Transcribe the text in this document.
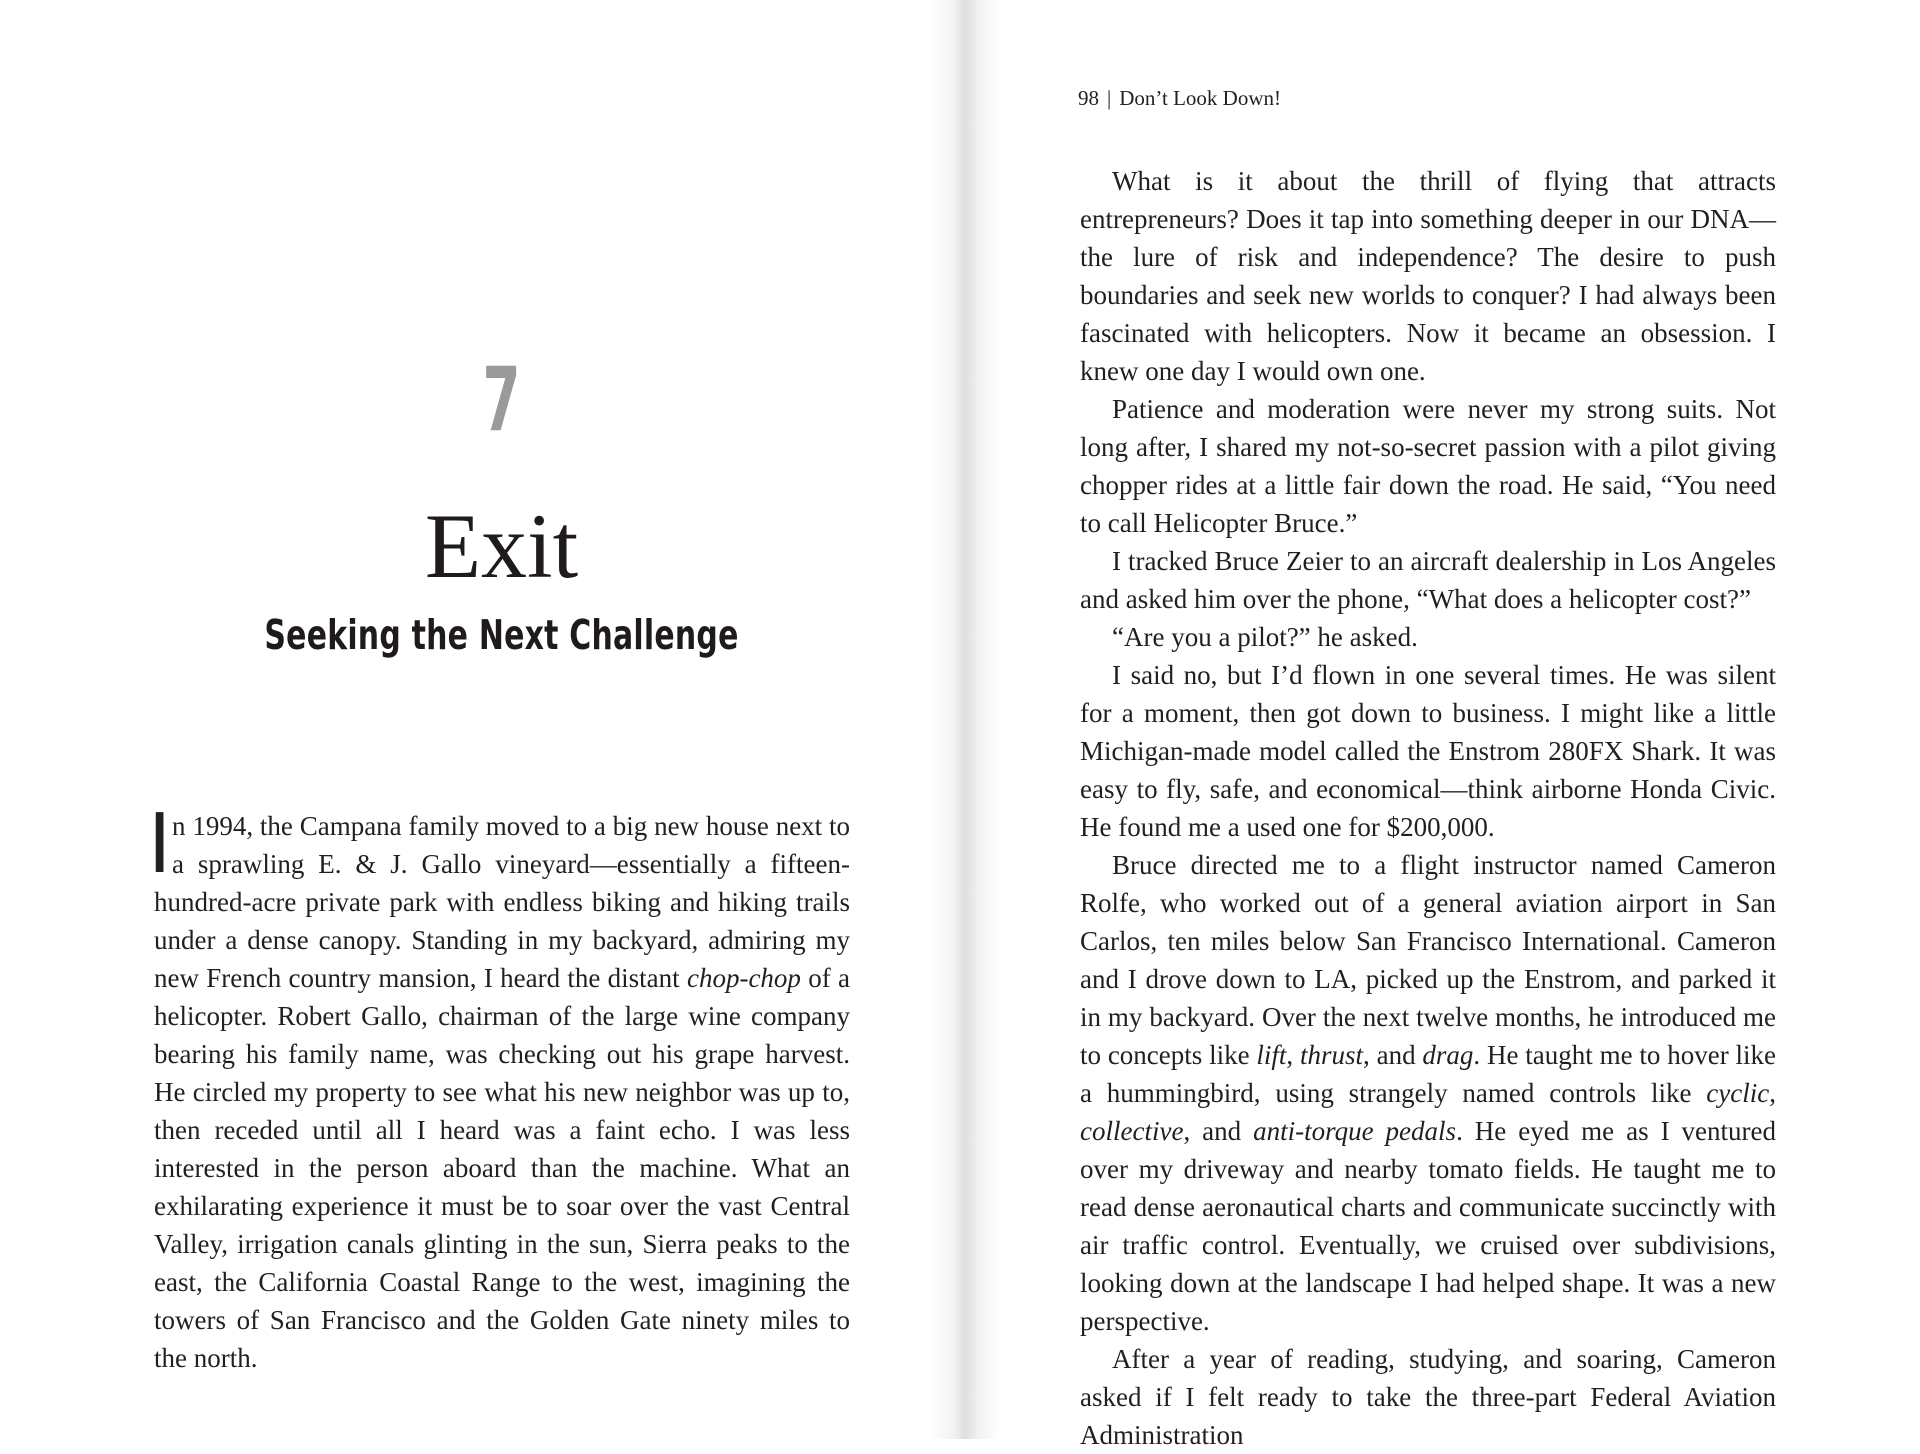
7
Exit
Seeking the Next Challenge

In 1994, the Campana family moved to a big new house next to a sprawling E. & J. Gallo vineyard—essentially a fifteen-hundred-acre private park with endless biking and hiking trails under a dense canopy. Standing in my backyard, admiring my new French country mansion, I heard the distant chop-chop of a helicopter. Robert Gallo, chairman of the large wine company bearing his family name, was checking out his grape harvest. He circled my property to see what his new neighbor was up to, then receded until all I heard was a faint echo. I was less interested in the person aboard than the machine. What an exhilarating experience it must be to soar over the vast Central Valley, irrigation canals glinting in the sun, Sierra peaks to the east, the California Coastal Range to the west, imagining the towers of San Francisco and the Golden Gate ninety miles to the north.

98 | Don’t Look Down!

What is it about the thrill of flying that attracts entrepreneurs? Does it tap into something deeper in our DNA—the lure of risk and independence? The desire to push boundaries and seek new worlds to conquer? I had always been fascinated with helicopters. Now it became an obsession. I knew one day I would own one.

Patience and moderation were never my strong suits. Not long after, I shared my not-so-secret passion with a pilot giving chopper rides at a little fair down the road. He said, “You need to call Helicopter Bruce.”

I tracked Bruce Zeier to an aircraft dealership in Los Angeles and asked him over the phone, “What does a helicopter cost?”

“Are you a pilot?” he asked.

I said no, but I’d flown in one several times. He was silent for a moment, then got down to business. I might like a little Michigan-made model called the Enstrom 280FX Shark. It was easy to fly, safe, and economical—think airborne Honda Civic. He found me a used one for $200,000.

Bruce directed me to a flight instructor named Cameron Rolfe, who worked out of a general aviation airport in San Carlos, ten miles below San Francisco International. Cameron and I drove down to LA, picked up the Enstrom, and parked it in my backyard. Over the next twelve months, he introduced me to concepts like lift, thrust, and drag. He taught me to hover like a hummingbird, using strangely named controls like cyclic, collective, and anti-torque pedals. He eyed me as I ventured over my driveway and nearby tomato fields. He taught me to read dense aeronautical charts and communicate succinctly with air traffic control. Eventually, we cruised over subdivisions, looking down at the landscape I had helped shape. It was a new perspective.

After a year of reading, studying, and soaring, Cameron asked if I felt ready to take the three-part Federal Aviation Administration
